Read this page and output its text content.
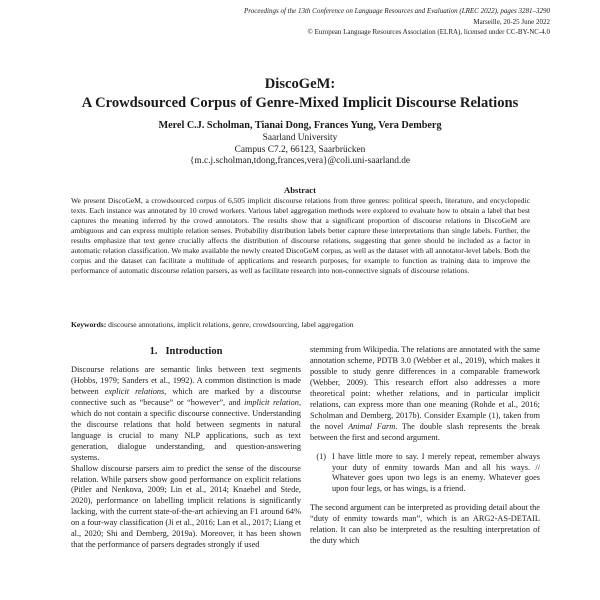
Proceedings of the 13th Conference on Language Resources and Evaluation (LREC 2022), pages 3281–3290
Marseille, 20-25 June 2022
© European Language Resources Association (ELRA), licensed under CC-BY-NC-4.0
DiscoGeM:
A Crowdsourced Corpus of Genre-Mixed Implicit Discourse Relations
Merel C.J. Scholman, Tianai Dong, Frances Yung, Vera Demberg
Saarland University
Campus C7.2, 66123, Saarbrücken
{m.c.j.scholman,tdong,frances,vera}@coli.uni-saarland.de
Abstract
We present DiscoGeM, a crowdsourced corpus of 6,505 implicit discourse relations from three genres: political speech, literature, and encyclopedic texts. Each instance was annotated by 10 crowd workers. Various label aggregation methods were explored to evaluate how to obtain a label that best captures the meaning inferred by the crowd annotators. The results show that a significant proportion of discourse relations in DiscoGeM are ambiguous and can express multiple relation senses. Probability distribution labels better capture these interpretations than single labels. Further, the results emphasize that text genre crucially affects the distribution of discourse relations, suggesting that genre should be included as a factor in automatic relation classification. We make available the newly created DiscoGeM corpus, as well as the dataset with all annotator-level labels. Both the corpus and the dataset can facilitate a multitude of applications and research purposes, for example to function as training data to improve the performance of automatic discourse relation parsers, as well as facilitate research into non-connective signals of discourse relations.
Keywords: discourse annotations, implicit relations, genre, crowdsourcing, label aggregation
1. Introduction
Discourse relations are semantic links between text segments (Hobbs, 1979; Sanders et al., 1992). A common distinction is made between explicit relations, which are marked by a discourse connective such as “because” or “however”, and implicit relation, which do not contain a specific discourse connective. Understanding the discourse relations that hold between segments in natural language is crucial to many NLP applications, such as text generation, dialogue understanding, and question-answering systems.
Shallow discourse parsers aim to predict the sense of the discourse relation. While parsers show good performance on explicit relations (Pitler and Nenkova, 2009; Lin et al., 2014; Knaebel and Stede, 2020), performance on labelling implicit relations is significantly lacking, with the current state-of-the-art achieving an F1 around 64% on a four-way classification (Ji et al., 2016; Lan et al., 2017; Liang et al., 2020; Shi and Demberg, 2019a). Moreover, it has been shown that the performance of parsers degrades strongly if used
stemming from Wikipedia. The relations are annotated with the same annotation scheme, PDTB 3.0 (Webber et al., 2019), which makes it possible to study genre differences in a comparable framework (Webber, 2009). This research effort also addresses a more theoretical point: whether relations, and in particular implicit relations, can express more than one meaning (Rohde et al., 2016; Scholman and Demberg, 2017b). Consider Example (1), taken from the novel Animal Farm. The double slash represents the break between the first and second argument.
(1) I have little more to say. I merely repeat, remember always your duty of enmity towards Man and all his ways. // Whatever goes upon two legs is an enemy. Whatever goes upon four legs, or has wings, is a friend.
The second argument can be interpreted as providing detail about the “duty of enmity towards man”, which is an ARG2-AS-DETAIL relation. It can also be interpreted as the resulting interpretation of the duty which
